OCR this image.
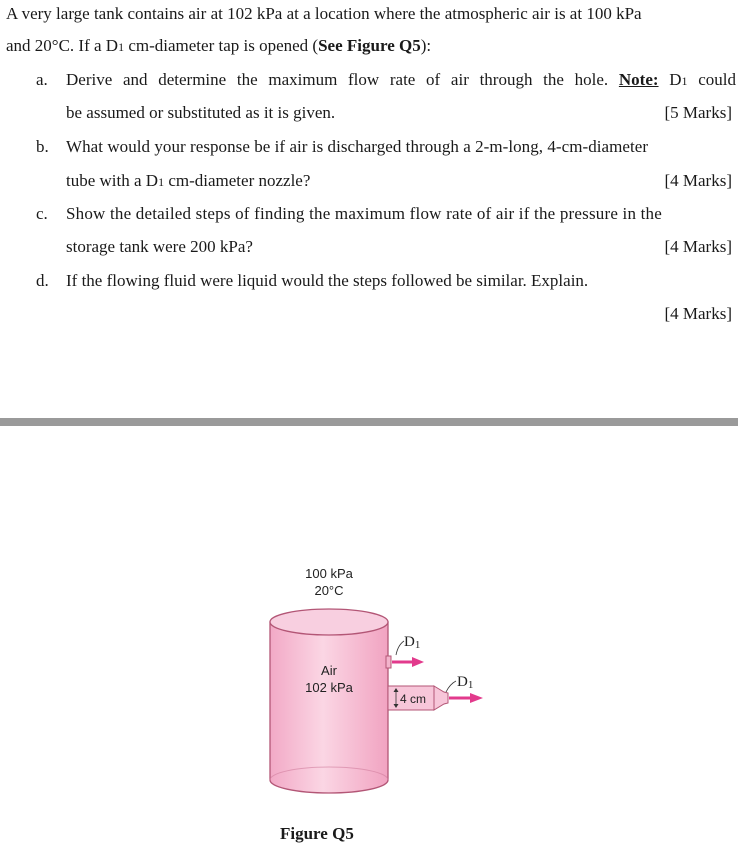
A very large tank contains air at 102 kPa at a location where the atmospheric air is at 100 kPa
and 20°C. If a D1 cm-diameter tap is opened (See Figure Q5):
a. Derive and determine the maximum flow rate of air through the hole. Note: D1 could
be assumed or substituted as it is given.	[5 Marks]
b. What would your response be if air is discharged through a 2-m-long, 4-cm-diameter
tube with a D1 cm-diameter nozzle?	[4 Marks]
c. Show the detailed steps of finding the maximum flow rate of air if the pressure in the
storage tank were 200 kPa?	[4 Marks]
d. If the flowing fluid were liquid would the steps followed be similar. Explain.
[4 Marks]
100 kPa
20°C
Air
102 kPa
D1
4 cm
D1
Figure Q5
